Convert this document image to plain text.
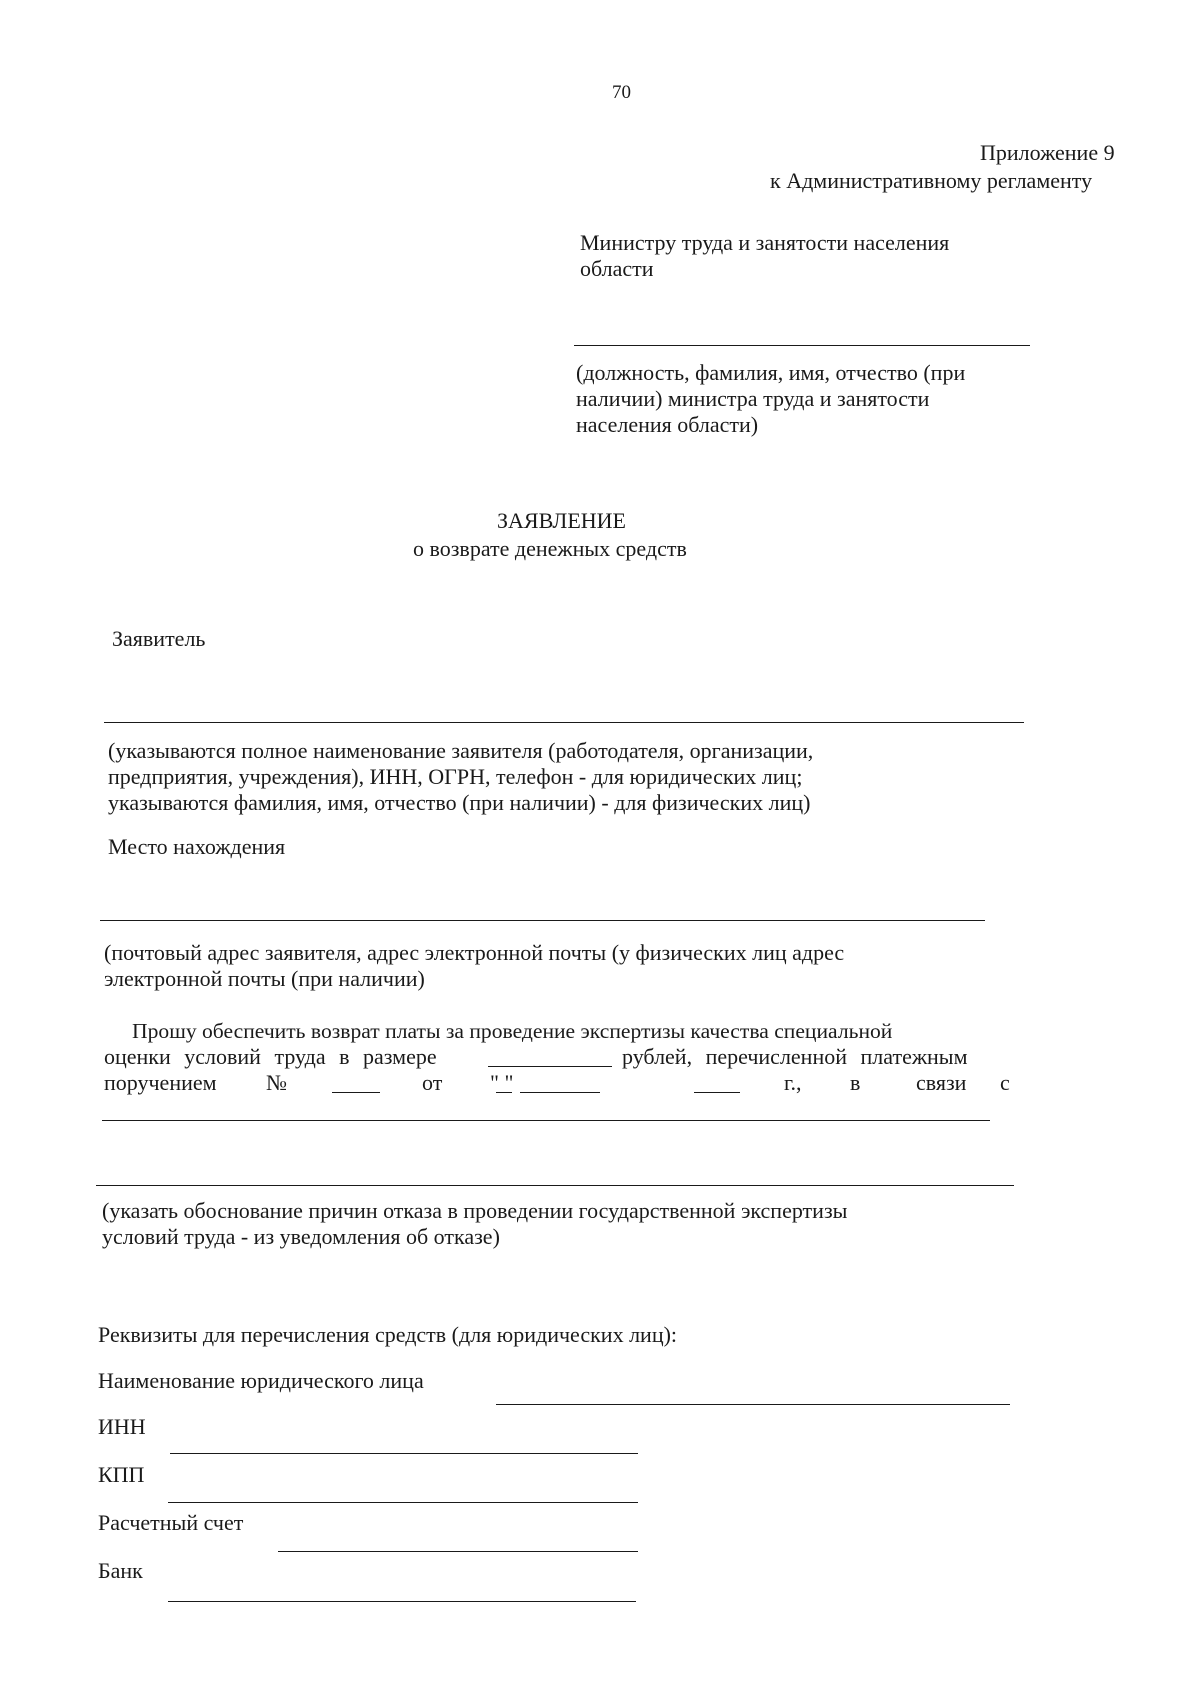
70

Приложение 9

к Административному регламенту

Министру труда и занятости населения

области

(должность, фамилия, имя, отчество (при

наличии) министра труда и занятости

населения области)

ЗАЯВЛЕНИЕ

о возврате денежных средств

Заявитель

(указываются полное наименование заявителя (работодателя, организации,

предприятия, учреждения), ИНН, ОГРН, телефон - для юридических лиц;

указываются фамилия, имя, отчество (при наличии) - для физических лиц)

Место нахождения

(почтовый адрес заявителя, адрес электронной почты (у физических лиц адрес

электронной почты (при наличии)

Прошу обеспечить возврат платы за проведение экспертизы качества специальной

оценки условий труда в размере	рублей, перечисленной платежным
поручением №	от " "	г., в	связи с

(указать обоснование причин отказа в проведении государственной экспертизы

условий труда - из уведомления об отказе)

Реквизиты для перечисления средств (для юридических лиц):

Наименование юридического лица

ИНН

КПП

Расчетный счет

Банк
